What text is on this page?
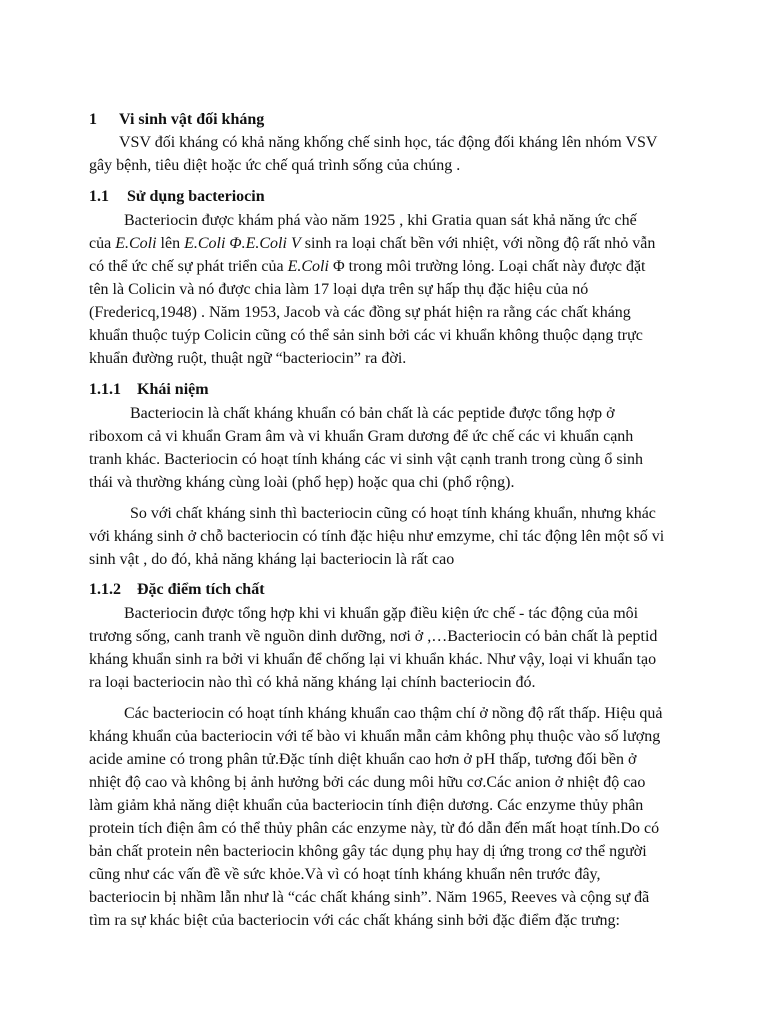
1 Vi sinh vật đối kháng
VSV đối kháng có khả năng khống chế sinh học, tác động đối kháng lên nhóm VSV
gây bệnh, tiêu diệt hoặc ức chế quá trình sống của chúng .
1.1 Sử dụng bacteriocin
Bacteriocin được khám phá vào năm 1925 , khi Gratia quan sát khả năng ức chế
của E.Coli lên E.Coli Φ.E.Coli V sinh ra loại chất bền với nhiệt, với nồng độ rất nhỏ vẫn
có thể ức chế sự phát triển của E.Coli Φ trong môi trường lỏng. Loại chất này được đặt
tên là Colicin và nó được chia làm 17 loại dựa trên sự hấp thụ đặc hiệu của nó
(Fredericq,1948) . Năm 1953, Jacob và các đồng sự phát hiện ra rằng các chất kháng
khuẩn thuộc tuýp Colicin cũng có thể sản sinh bởi các vi khuẩn không thuộc dạng trực
khuẩn đường ruột, thuật ngữ “bacteriocin” ra đời.
1.1.1 Khái niệm
Bacteriocin là chất kháng khuẩn có bản chất là các peptide được tổng hợp ở
riboxom cả vi khuẩn Gram âm và vi khuẩn Gram dương để ức chế các vi khuẩn cạnh
tranh khác. Bacteriocin có hoạt tính kháng các vi sinh vật cạnh tranh trong cùng ổ sinh
thái và thường kháng cùng loài (phổ hẹp) hoặc qua chi (phổ rộng).
So với chất kháng sinh thì bacteriocin cũng có hoạt tính kháng khuẩn, nhưng khác
với kháng sinh ở chỗ bacteriocin có tính đặc hiệu như emzyme, chỉ tác động lên một số vi
sinh vật , do đó, khả năng kháng lại bacteriocin là rất cao
1.1.2 Đặc điểm tích chất
Bacteriocin được tổng hợp khi vi khuẩn gặp điều kiện ức chế - tác động của môi
trương sống, canh tranh về nguồn dinh dưỡng, nơi ở ,…Bacteriocin có bản chất là peptid
kháng khuẩn sinh ra bởi vi khuẩn để chống lại vi khuẩn khác. Như vậy, loại vi khuẩn tạo
ra loại bacteriocin nào thì có khả năng kháng lại chính bacteriocin đó.
Các bacteriocin có hoạt tính kháng khuẩn cao thậm chí ở nồng độ rất thấp. Hiệu quả
kháng khuẩn của bacteriocin với tế bào vi khuẩn mẫn cảm không phụ thuộc vào số lượng
acide amine có trong phân tử.Đặc tính diệt khuẩn cao hơn ở pH thấp, tương đối bền ở
nhiệt độ cao và không bị ảnh hưởng bởi các dung môi hữu cơ.Các anion ở nhiệt độ cao
làm giảm khả năng diệt khuẩn của bacteriocin tính điện dương. Các enzyme thủy phân
protein tích điện âm có thể thủy phân các enzyme này, từ đó dẫn đến mất hoạt tính.Do có
bản chất protein nên bacteriocin không gây tác dụng phụ hay dị ứng trong cơ thể người
cũng như các vấn đề về sức khỏe.Và vì có hoạt tính kháng khuẩn nên trước đây,
bacteriocin bị nhầm lẫn như là “các chất kháng sinh”. Năm 1965, Reeves và cộng sự đã
tìm ra sự khác biệt của bacteriocin với các chất kháng sinh bởi đặc điểm đặc trưng:
